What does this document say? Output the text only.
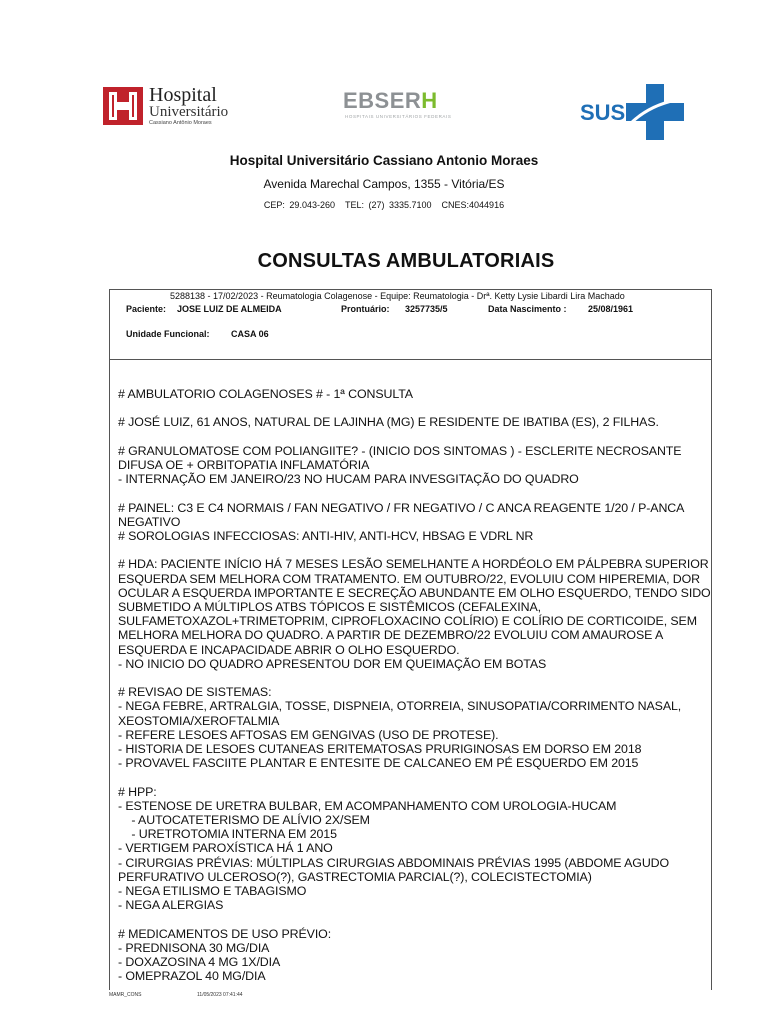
Hospital
Universitário
Cassiano Antônio Moraes
EBSERH
HOSPITAIS UNIVERSITÁRIOS FEDERAIS	SUS
Hospital Universitário Cassiano Antonio Moraes
Avenida Marechal Campos, 1355 - Vitória/ES
CEP: 29.043-260 TEL: (27) 3335.7100 CNES:4044916
CONSULTAS AMBULATORIAIS
5288138 - 17/02/2023 - Reumatologia Colagenose - Equipe: Reumatologia - Drª. Ketty Lysie Libardi Lira Machado
Paciente: JOSE LUIZ DE ALMEIDA	Prontuário: 3257735/5	Data Nascimento : 25/08/1961
Unidade Funcional: CASA 06
# AMBULATORIO COLAGENOSES # - 1ª CONSULTA
# JOSÉ LUIZ, 61 ANOS, NATURAL DE LAJINHA (MG) E RESIDENTE DE IBATIBA (ES), 2 FILHAS.
# GRANULOMATOSE COM POLIANGIITE? - (INICIO DOS SINTOMAS ) - ESCLERITE NECROSANTE
DIFUSA OE + ORBITOPATIA INFLAMATÓRIA
- INTERNAÇÃO EM JANEIRO/23 NO HUCAM PARA INVESGITAÇÃO DO QUADRO
# PAINEL: C3 E C4 NORMAIS / FAN NEGATIVO / FR NEGATIVO / C ANCA REAGENTE 1/20 / P-ANCA
NEGATIVO
# SOROLOGIAS INFECCIOSAS: ANTI-HIV, ANTI-HCV, HBSAG E VDRL NR
# HDA: PACIENTE INÍCIO HÁ 7 MESES LESÃO SEMELHANTE A HORDÉOLO EM PÁLPEBRA SUPERIOR
ESQUERDA SEM MELHORA COM TRATAMENTO. EM OUTUBRO/22, EVOLUIU COM HIPEREMIA, DOR
OCULAR A ESQUERDA IMPORTANTE E SECREÇÃO ABUNDANTE EM OLHO ESQUERDO, TENDO SIDO
SUBMETIDO A MÚLTIPLOS ATBS TÓPICOS E SISTÊMICOS (CEFALEXINA,
SULFAMETOXAZOL+TRIMETOPRIM, CIPROFLOXACINO COLÍRIO) E COLÍRIO DE CORTICOIDE, SEM
MELHORA MELHORA DO QUADRO. A PARTIR DE DEZEMBRO/22 EVOLUIU COM AMAUROSE A
ESQUERDA E INCAPACIDADE ABRIR O OLHO ESQUERDO.
- NO INICIO DO QUADRO APRESENTOU DOR EM QUEIMAÇÃO EM BOTAS
# REVISAO DE SISTEMAS:
- NEGA FEBRE, ARTRALGIA, TOSSE, DISPNEIA, OTORREIA, SINUSOPATIA/CORRIMENTO NASAL,
XEOSTOMIA/XEROFTALMIA
- REFERE LESOES AFTOSAS EM GENGIVAS (USO DE PROTESE).
- HISTORIA DE LESOES CUTANEAS ERITEMATOSAS PRURIGINOSAS EM DORSO EM 2018
- PROVAVEL FASCIITE PLANTAR E ENTESITE DE CALCANEO EM PÉ ESQUERDO EM 2015
# HPP:
- ESTENOSE DE URETRA BULBAR, EM ACOMPANHAMENTO COM UROLOGIA-HUCAM
- AUTOCATETERISMO DE ALÍVIO 2X/SEM
- URETROTOMIA INTERNA EM 2015
- VERTIGEM PAROXÍSTICA HÁ 1 ANO
- CIRURGIAS PRÉVIAS: MÚLTIPLAS CIRURGIAS ABDOMINAIS PRÉVIAS 1995 (ABDOME AGUDO
PERFURATIVO ULCEROSO(?), GASTRECTOMIA PARCIAL(?), COLECISTECTOMIA)
- NEGA ETILISMO E TABAGISMO
- NEGA ALERGIAS
# MEDICAMENTOS DE USO PRÉVIO:
- PREDNISONA 30 MG/DIA
- DOXAZOSINA 4 MG 1X/DIA
- OMEPRAZOL 40 MG/DIA
MAMR_CONS	11/05/2023 07:41:44
